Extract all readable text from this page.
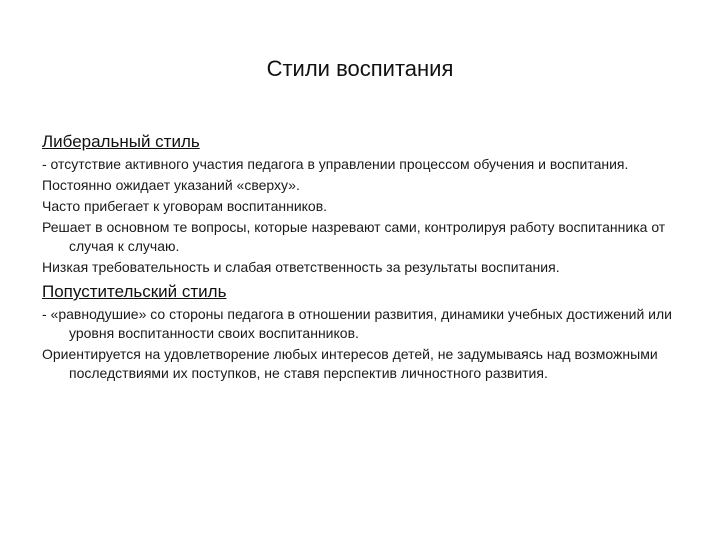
Стили воспитания
Либеральный стиль

- отсутствие активного участия педагога в управлении процессом обучения и воспитания.

Постоянно ожидает указаний «сверху».

Часто прибегает к уговорам воспитанников.

Решает в основном те вопросы, которые назревают сами, контролируя работу воспитанника от случая к случаю.

Низкая требовательность и слабая ответственность за результаты воспитания.

Попустительский стиль

- «равнодушие» со стороны педагога в отношении развития, динамики учебных достижений или уровня воспитанности своих воспитанников.

Ориентируется на удовлетворение любых интересов детей, не задумываясь над возможными последствиями их поступков, не ставя перспектив личностного развития.
